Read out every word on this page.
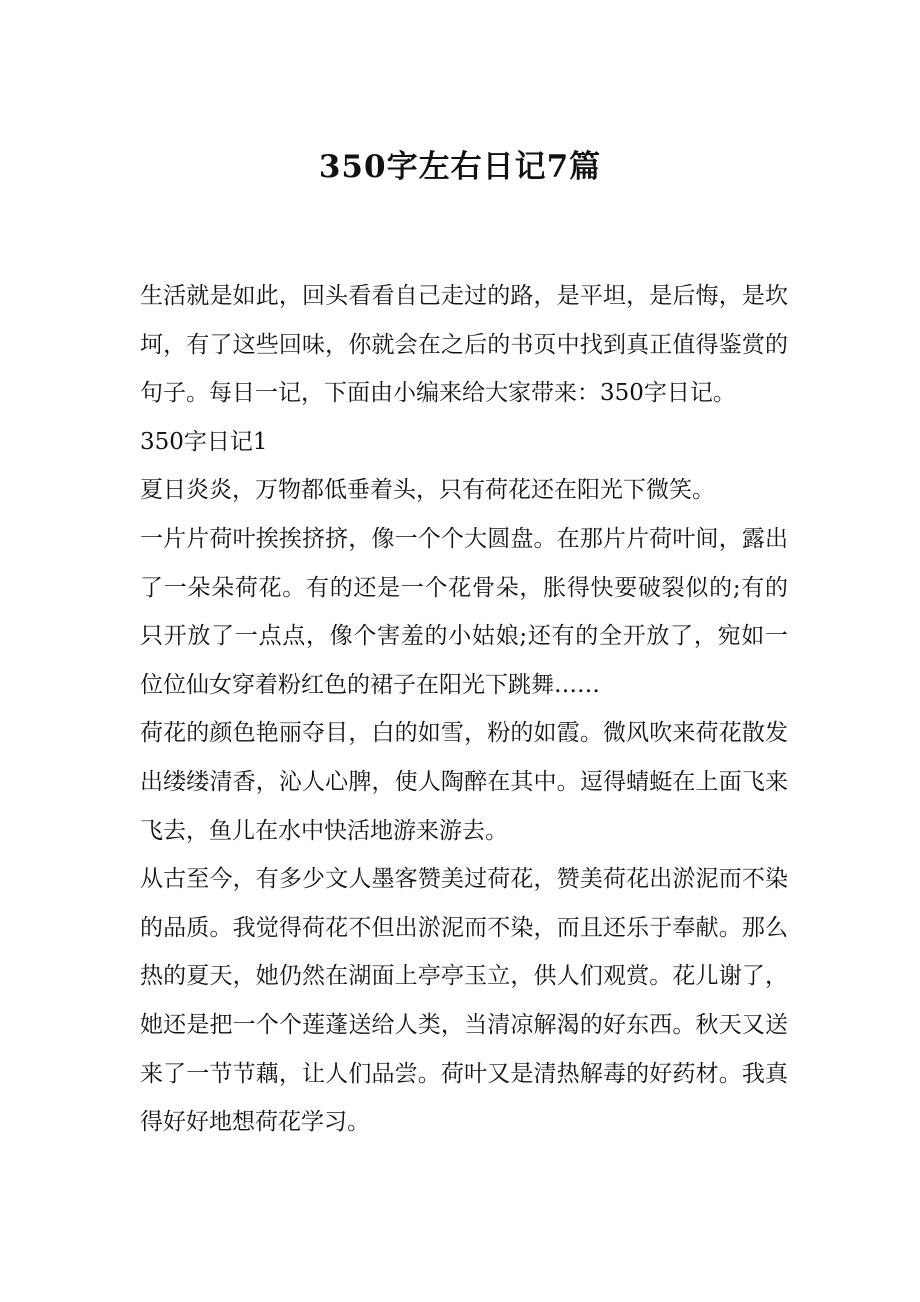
350字左右日记7篇

生活就是如此，回头看看自己走过的路，是平坦，是后悔，是坎坷，有了这些回味，你就会在之后的书页中找到真正值得鉴赏的句子。每日一记，下面由小编来给大家带来：350字日记。

350字日记1

夏日炎炎，万物都低垂着头，只有荷花还在阳光下微笑。

一片片荷叶挨挨挤挤，像一个个大圆盘。在那片片荷叶间，露出了一朵朵荷花。有的还是一个花骨朵，胀得快要破裂似的;有的只开放了一点点，像个害羞的小姑娘;还有的全开放了，宛如一位位仙女穿着粉红色的裙子在阳光下跳舞……

荷花的颜色艳丽夺目，白的如雪，粉的如霞。微风吹来荷花散发出缕缕清香，沁人心脾，使人陶醉在其中。逗得蜻蜓在上面飞来飞去，鱼儿在水中快活地游来游去。

从古至今，有多少文人墨客赞美过荷花，赞美荷花出淤泥而不染的品质。我觉得荷花不但出淤泥而不染，而且还乐于奉献。那么热的夏天，她仍然在湖面上亭亭玉立，供人们观赏。花儿谢了，她还是把一个个莲蓬送给人类，当清凉解渴的好东西。秋天又送来了一节节藕，让人们品尝。荷叶又是清热解毒的好药材。我真得好好地想荷花学习。
